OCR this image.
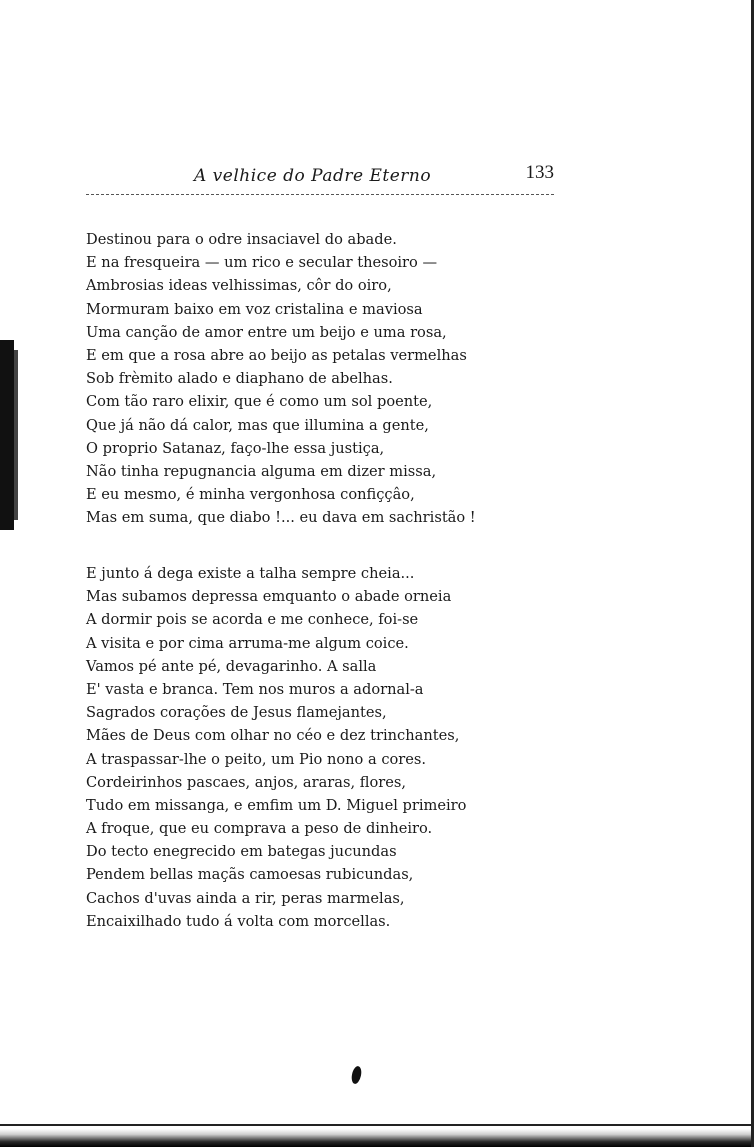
A velhice do Padre Eterno	133
Destinou para o odre insaciavel do abade.
E na fresqueira — um rico e secular thesoiro —
Ambrosias ideas velhissimas, côr do oiro,
Mormuram baixo em voz cristalina e maviosa
Uma canção de amor entre um beijo e uma rosa,
E em que a rosa abre ao beijo as petalas vermelhas
Sob frèmito alado e diaphano de abelhas.
Com tão raro elixir, que é como um sol poente,
Que já não dá calor, mas que illumina a gente,
O proprio Satanaz, faço-lhe essa justiça,
Não tinha repugnancia alguma em dizer missa,
E eu mesmo, é minha vergonhosa confiççâo,
Mas em suma, que diabo !... eu dava em sachristão !
E junto á dega existe a talha sempre cheia...
Mas subamos depressa emquanto o abade orneia
A dormir pois se acorda e me conhece, foi-se
A visita e por cima arruma-me algum coice.
Vamos pé ante pé, devagarinho. A salla
E' vasta e branca. Tem nos muros a adornal-a
Sagrados corações de Jesus flamejantes,
Mães de Deus com olhar no céo e dez trinchantes,
A traspassar-lhe o peito, um Pio nono a cores.
Cordeirinhos pascaes, anjos, araras, flores,
Tudo em missanga, e emfim um D. Miguel primeiro
A froque, que eu comprava a peso de dinheiro.
Do tecto enegrecido em bategas jucundas
Pendem bellas maçãs camoesas rubicundas,
Cachos d'uvas ainda a rir, peras marmelas,
Encaixilhado tudo á volta com morcellas.
